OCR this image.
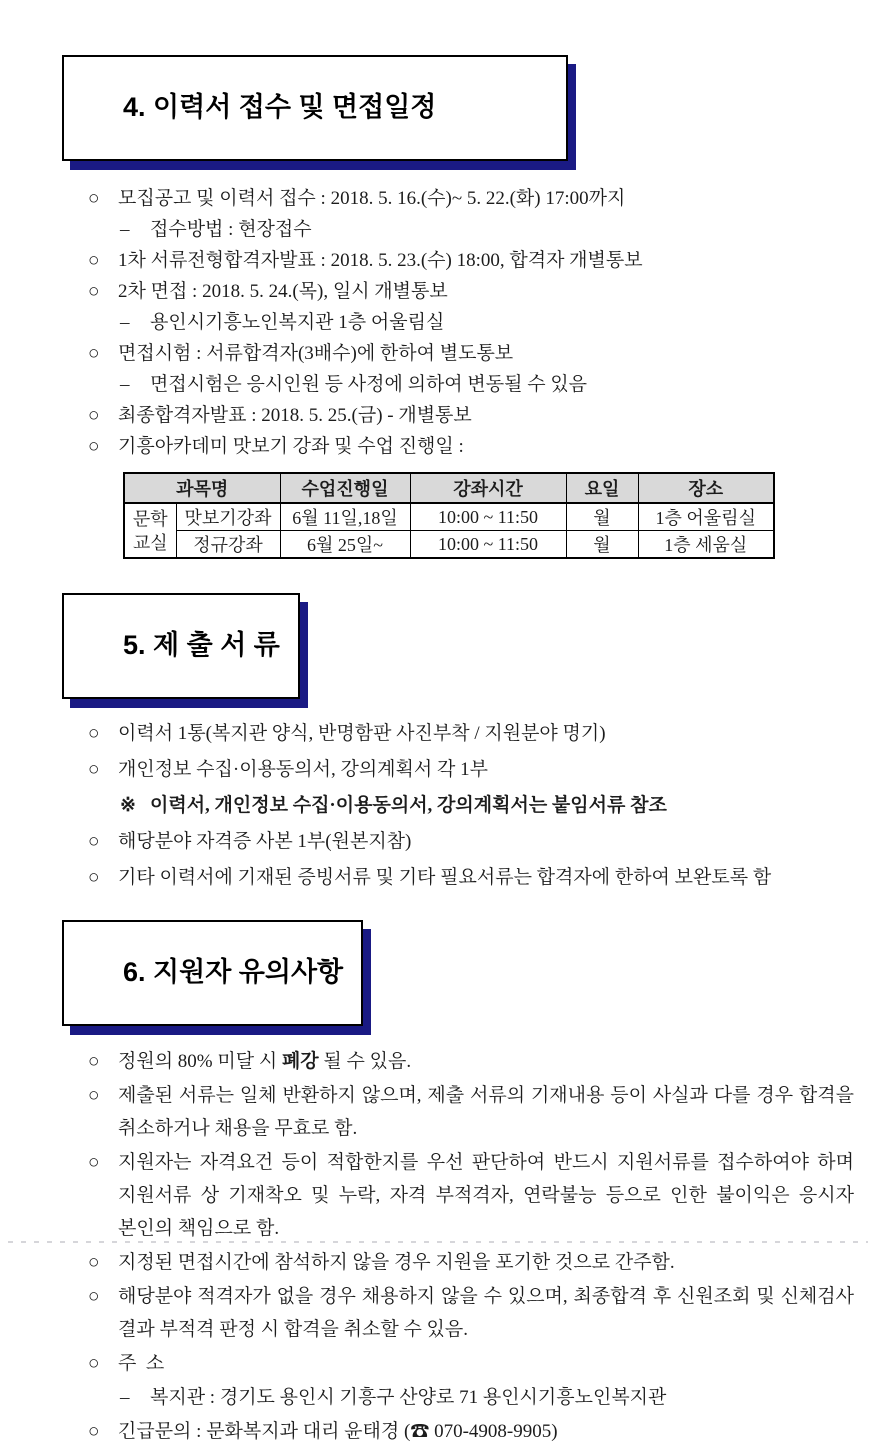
4. 이력서 접수 및 면접일정

○ 모집공고 및 이력서 접수 : 2018. 5. 16.(수)~ 5. 22.(화) 17:00까지
–	접수방법 : 현장접수
○ 1차 서류전형합격자발표 : 2018. 5. 23.(수) 18:00, 합격자 개별통보
○ 2차 면접 : 2018. 5. 24.(목), 일시 개별통보
–	용인시기흥노인복지관 1층 어울림실
○ 면접시험 : 서류합격자(3배수)에 한하여 별도통보
–	면접시험은 응시인원 등 사정에 의하여 변동될 수 있음
○ 최종합격자발표 : 2018. 5. 25.(금) - 개별통보
○ 기흥아카데미 맛보기 강좌 및 수업 진행일 :
과목명		수업진행일	강좌시간	요일	장소

문학
교실	맛보기강좌	6월 11일,18일	10:00 ~ 11:50	월	1층 어울림실
	정규강좌	6월 25일~	10:00 ~ 11:50	월	1층 세움실

5. 제 출 서 류

○ 이력서 1통(복지관 양식, 반명함판 사진부착 / 지원분야 명기)
○ 개인정보 수집·이용동의서, 강의계획서 각 1부
※ 이력서, 개인정보 수집·이용동의서, 강의계획서는 붙임서류 참조
○ 해당분야 자격증 사본 1부(원본지참)
○ 기타 이력서에 기재된 증빙서류 및 기타 필요서류는 합격자에 한하여 보완토록 함

6. 지원자 유의사항

○ 정원의 80% 미달 시 폐강 될 수 있음.
○ 제출된 서류는 일체 반환하지 않으며, 제출 서류의 기재내용 등이 사실과 다를 경우 합격을 취소하거나 채용을 무효로 함.
○ 지원자는 자격요건 등이 적합한지를 우선 판단하여 반드시 지원서류를 접수하여야 하며 지원서류 상 기재착오 및 누락, 자격 부적격자, 연락불능 등으로 인한 불이익은 응시자 본인의 책임으로 함.
○ 지정된 면접시간에 참석하지 않을 경우 지원을 포기한 것으로 간주함.
○ 해당분야 적격자가 없을 경우 채용하지 않을 수 있으며, 최종합격 후 신원조회 및 신체검사 결과 부적격 판정 시 합격을 취소할 수 있음.
○ 주  소
–	복지관 : 경기도 용인시 기흥구 산양로 71 용인시기흥노인복지관
○ 긴급문의 : 문화복지과 대리 윤태경 (☎ 070-4908-9905)
